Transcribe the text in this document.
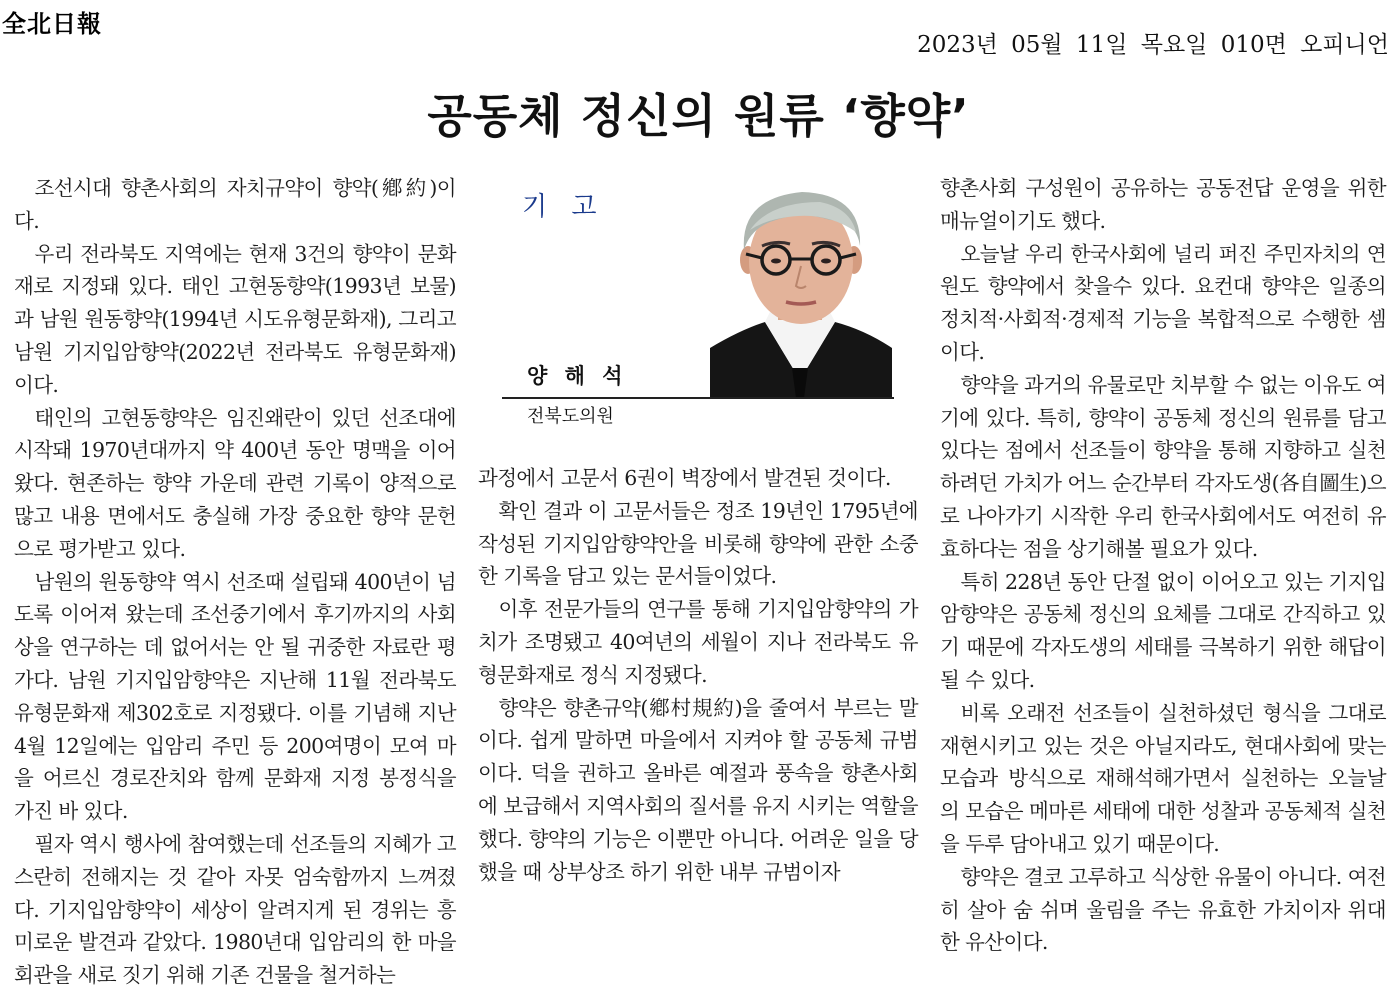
全北日報
2023년 05월 11일 목요일 010면 오피니언
공동체 정신의 원류 ‘향약’

조선시대 향촌사회의 자치규약이 향약(鄕約)이다.

우리 전라북도 지역에는 현재 3건의 향약이 문화재로 지정돼 있다. 태인 고현동향약(1993년 보물)과 남원 원동향약(1994년 시도유형문화재), 그리고 남원 기지입암향약(2022년 전라북도 유형문화재)이다.

태인의 고현동향약은 임진왜란이 있던 선조대에 시작돼 1970년대까지 약 400년 동안 명맥을 이어왔다. 현존하는 향약 가운데 관련 기록이 양적으로 많고 내용 면에서도 충실해 가장 중요한 향약 문헌으로 평가받고 있다.

남원의 원동향약 역시 선조때 설립돼 400년이 넘도록 이어져 왔는데 조선중기에서 후기까지의 사회상을 연구하는 데 없어서는 안 될 귀중한 자료란 평가다. 남원 기지입암향약은 지난해 11월 전라북도 유형문화재 제302호로 지정됐다. 이를 기념해 지난 4월 12일에는 입암리 주민 등 200여명이 모여 마을 어르신 경로잔치와 함께 문화재 지정 봉정식을 가진 바 있다.

필자 역시 행사에 참여했는데 선조들의 지혜가 고스란히 전해지는 것 같아 자못 엄숙함까지 느껴졌다. 기지입암향약이 세상이 알려지게 된 경위는 흥미로운 발견과 같았다. 1980년대 입암리의 한 마을회관을 새로 짓기 위해 기존 건물을 철거하는

기 고
양 해 석
전북도의원

과정에서 고문서 6권이 벽장에서 발견된 것이다.

확인 결과 이 고문서들은 정조 19년인 1795년에 작성된 기지입암향약안을 비롯해 향약에 관한 소중한 기록을 담고 있는 문서들이었다.

이후 전문가들의 연구를 통해 기지입암향약의 가치가 조명됐고 40여년의 세월이 지나 전라북도 유형문화재로 정식 지정됐다.

향약은 향촌규약(鄕村規約)을 줄여서 부르는 말이다. 쉽게 말하면 마을에서 지켜야 할 공동체 규범이다. 덕을 권하고 올바른 예절과 풍속을 향촌사회에 보급해서 지역사회의 질서를 유지 시키는 역할을 했다. 향약의 기능은 이뿐만 아니다. 어려운 일을 당했을 때 상부상조 하기 위한 내부 규범이자

향촌사회 구성원이 공유하는 공동전답 운영을 위한 매뉴얼이기도 했다.

오늘날 우리 한국사회에 널리 퍼진 주민자치의 연원도 향약에서 찾을수 있다. 요컨대 향약은 일종의 정치적·사회적·경제적 기능을 복합적으로 수행한 셈이다.

향약을 과거의 유물로만 치부할 수 없는 이유도 여기에 있다. 특히, 향약이 공동체 정신의 원류를 담고 있다는 점에서 선조들이 향약을 통해 지향하고 실천하려던 가치가 어느 순간부터 각자도생(各自圖生)으로 나아가기 시작한 우리 한국사회에서도 여전히 유효하다는 점을 상기해볼 필요가 있다.

특히 228년 동안 단절 없이 이어오고 있는 기지입암향약은 공동체 정신의 요체를 그대로 간직하고 있기 때문에 각자도생의 세태를 극복하기 위한 해답이 될 수 있다.

비록 오래전 선조들이 실천하셨던 형식을 그대로 재현시키고 있는 것은 아닐지라도, 현대사회에 맞는 모습과 방식으로 재해석해가면서 실천하는 오늘날의 모습은 메마른 세태에 대한 성찰과 공동체적 실천을 두루 담아내고 있기 때문이다.

향약은 결코 고루하고 식상한 유물이 아니다. 여전히 살아 숨 쉬며 울림을 주는 유효한 가치이자 위대한 유산이다.
